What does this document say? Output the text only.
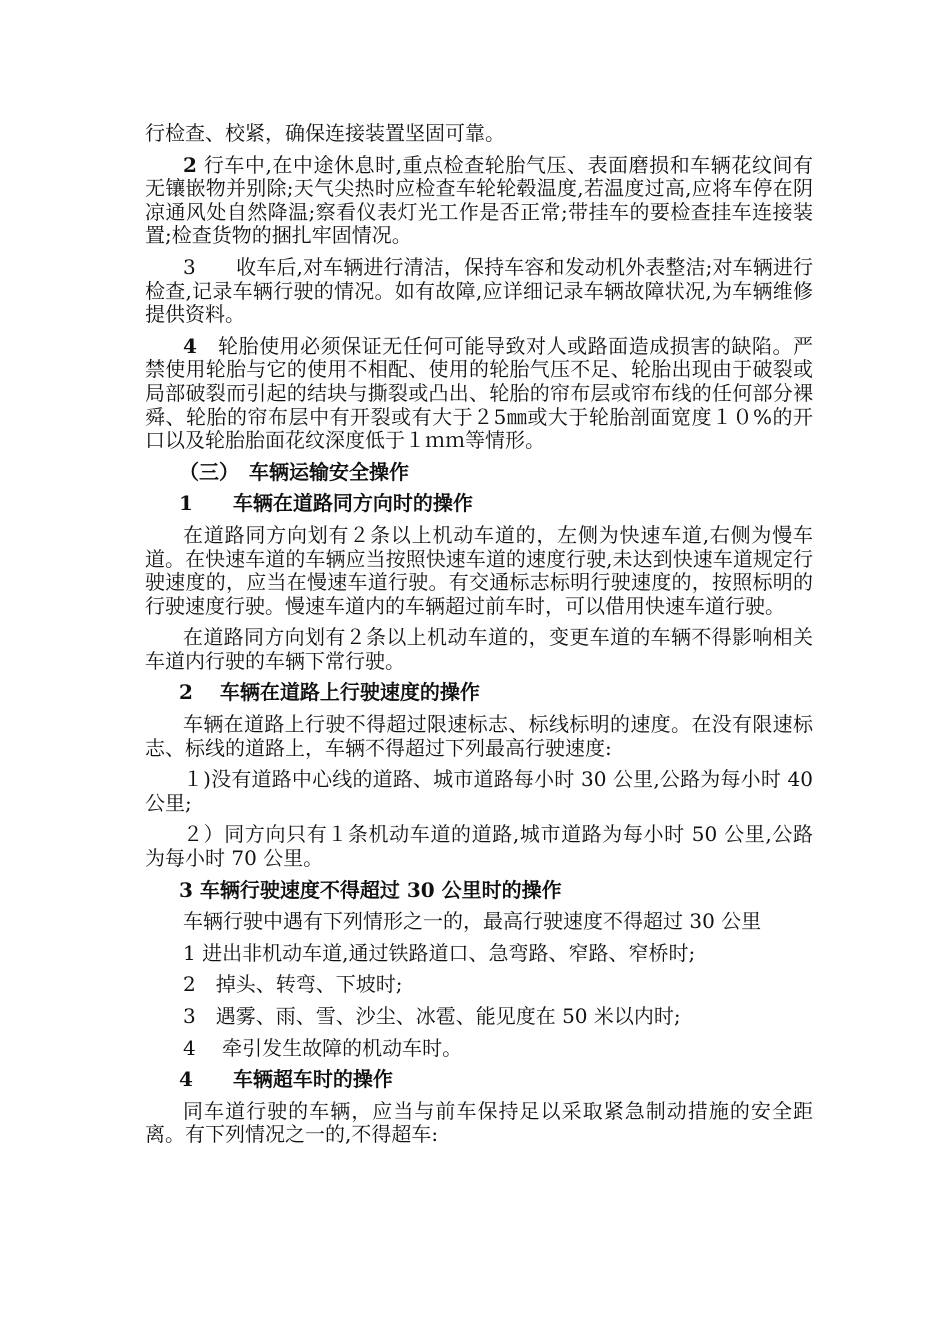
行检查、校紧，确保连接装置坚固可靠。

2 行车中,在中途休息时,重点检查轮胎气压、表面磨损和车辆花纹间有无镶嵌物并别除;天气尖热时应检查车轮轮毂温度,若温度过高,应将车停在阴凉通风处自然降温;察看仪表灯光工作是否正常;带挂车的要检查挂车连接装置;检查货物的捆扎牢固情况。

3　　 收车后,对车辆进行清洁，保持车容和发动机外表整洁;对车辆进行检查,记录车辆行驶的情况。如有故障,应详细记录车辆故障状况,为车辆维修提供资料。

4　 轮胎使用必须保证无任何可能导致对人或路面造成损害的缺陷。严禁使用轮胎与它的使用不相配、使用的轮胎气压不足、轮胎出现由于破裂或局部破裂而引起的结块与撕裂或凸出、轮胎的帘布层或帘布线的任何部分裸舜、轮胎的帘布层中有开裂或有大于２5㎜或大于轮胎剖面宽度１０%的开口以及轮胎胎面花纹深度低于１ｍｍ等情形。

（三）　车辆运输安全操作

1　　车辆在道路同方向时的操作

在道路同方向划有２条以上机动车道的，左侧为快速车道,右侧为慢车道。在快速车道的车辆应当按照快速车道的速度行驶,未达到快速车道规定行驶速度的，应当在慢速车道行驶。有交通标志标明行驶速度的，按照标明的行驶速度行驶。慢速车道内的车辆超过前车时，可以借用快速车道行驶。

在道路同方向划有２条以上机动车道的，变更车道的车辆不得影响相关车道内行驶的车辆下常行驶。

2　 车辆在道路上行驶速度的操作

车辆在道路上行驶不得超过限速标志、标线标明的速度。在没有限速标志、标线的道路上，车辆不得超过下列最高行驶速度:

１)没有道路中心线的道路、城市道路每小时 30 公里,公路为每小时 40 公里;

２）同方向只有１条机动车道的道路,城市道路为每小时 50 公里,公路为每小时 70 公里。

3 车辆行驶速度不得超过 30 公里时的操作

车辆行驶中遇有下列情形之一的，最高行驶速度不得超过 30 公里

1 进出非机动车道,通过铁路道口、急弯路、窄路、窄桥时;

2　掉头、转弯、下坡时;

3　遇雾、雨、雪、沙尘、冰雹、能见度在 50 米以内时;

4　 牵引发生故障的机动车时。

4　　车辆超车时的操作

同车道行驶的车辆，应当与前车保持足以采取紧急制动措施的安全距离。有下列情况之一的,不得超车:
